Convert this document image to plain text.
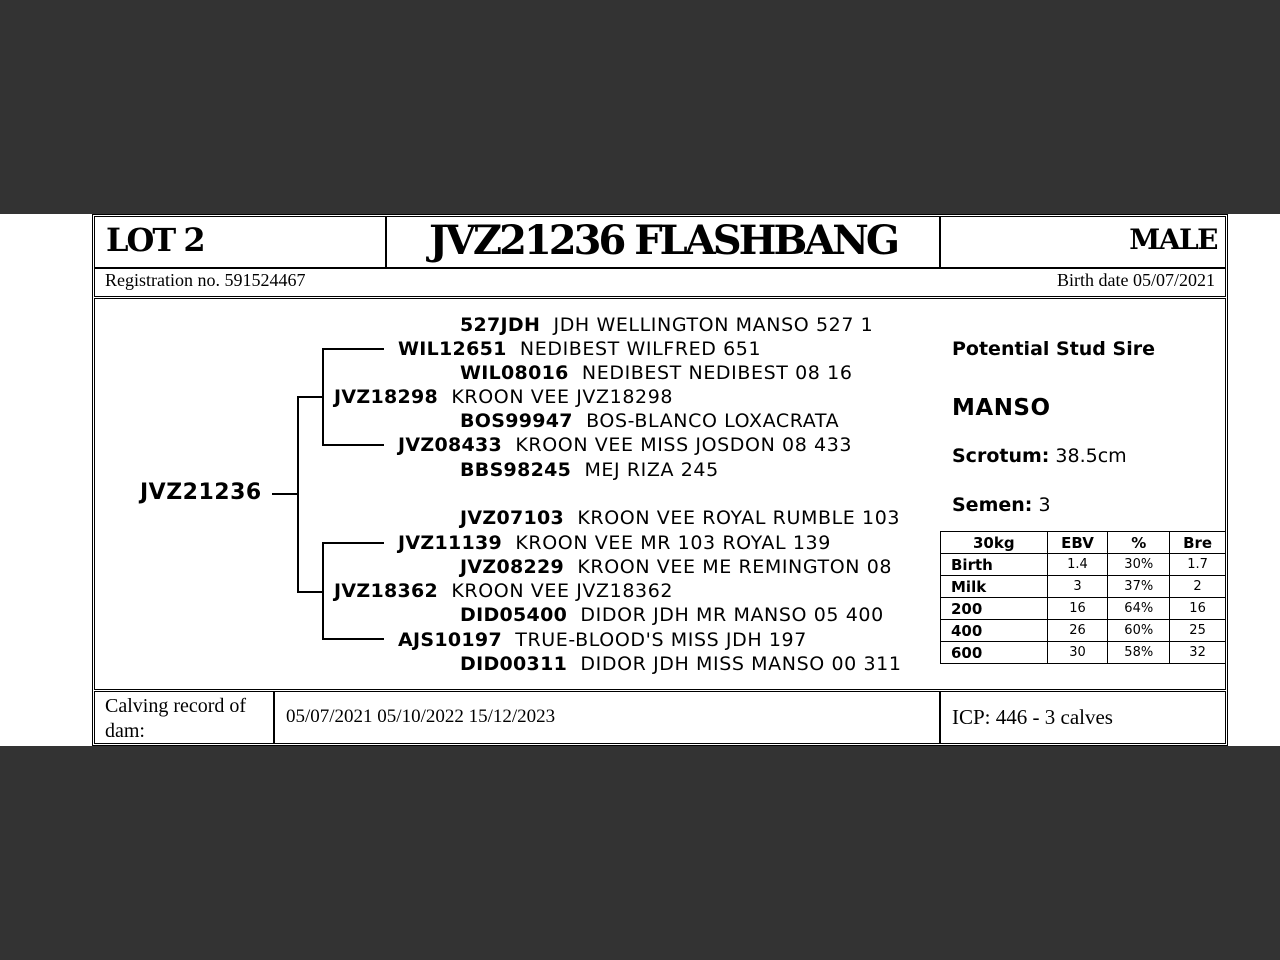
LOT 2	JVZ21236 FLASHBANG	MALE
Registration no. 591524467	Birth date 05/07/2021
JVZ21236
527JDH JDH WELLINGTON MANSO 527 1
WIL12651 NEDIBEST WILFRED 651
WIL08016 NEDIBEST NEDIBEST 08 16
JVZ18298 KROON VEE JVZ18298
BOS99947 BOS-BLANCO LOXACRATA
JVZ08433 KROON VEE MISS JOSDON 08 433
BBS98245 MEJ RIZA 245
JVZ07103 KROON VEE ROYAL RUMBLE 103
JVZ11139 KROON VEE MR 103 ROYAL 139
JVZ08229 KROON VEE ME REMINGTON 08
JVZ18362 KROON VEE JVZ18362
DID05400 DIDOR JDH MR MANSO 05 400
AJS10197 TRUE-BLOOD'S MISS JDH 197
DID00311 DIDOR JDH MISS MANSO 00 311
Potential Stud Sire
MANSO
Scrotum: 38.5cm
Semen: 3
30kg	EBV	%	Bre
Birth	1.4	30%	1.7
Milk	3	37%	2
200	16	64%	16
400	26	60%	25
600	30	58%	32
Calving record of dam:
05/07/2021 05/10/2022 15/12/2023	ICP: 446 - 3 calves
